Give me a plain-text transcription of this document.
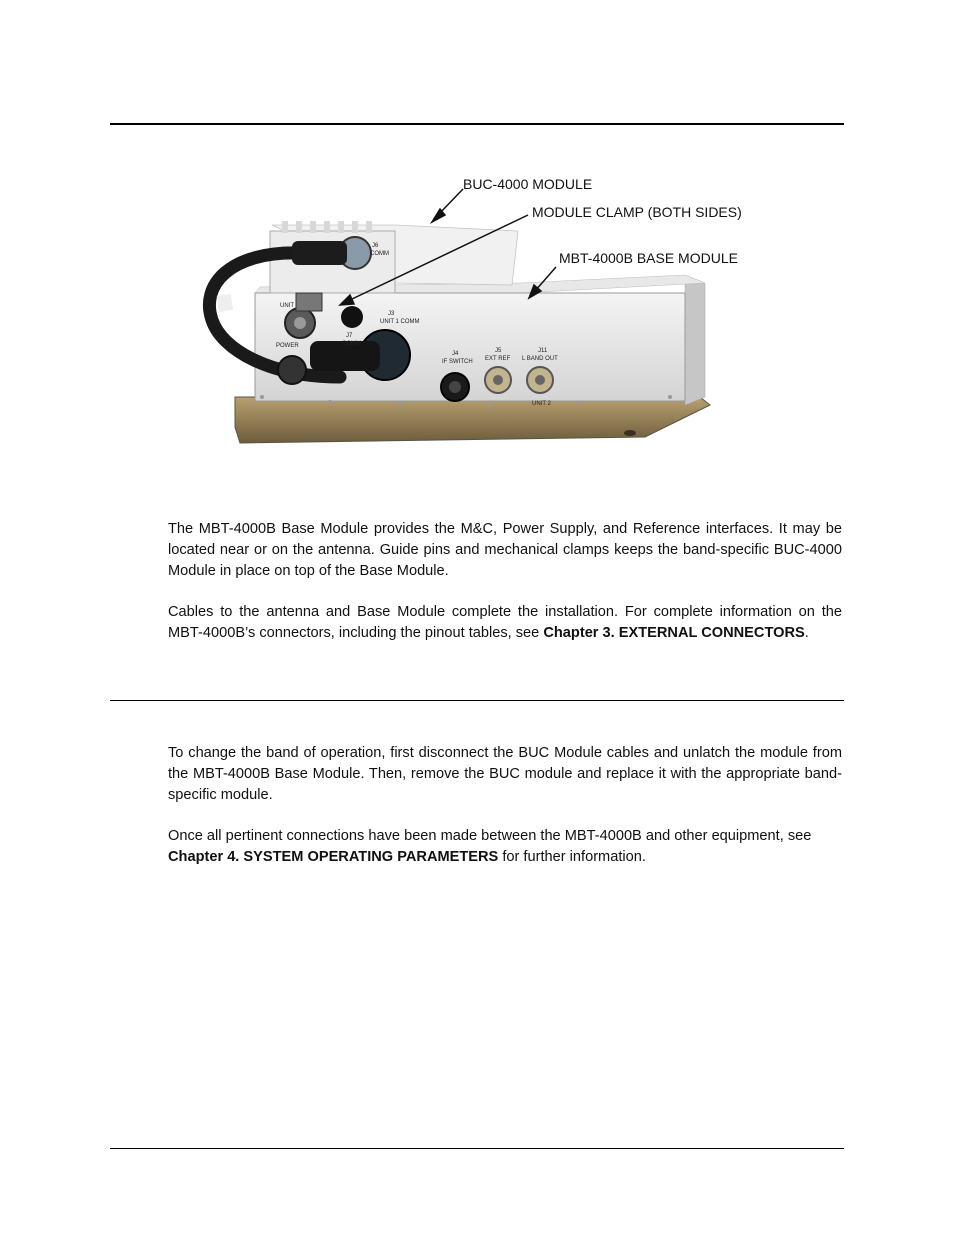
J6
COMM
UNIT
POWER
J3
UNIT 1 COMM
J7
COMM
J4
IF SWITCH
J5
EXT REF
J11
L BAND OUT
UNIT 2
BUC-4000 MODULE
MODULE CLAMP (BOTH SIDES)
MBT-4000B BASE MODULE
The MBT-4000B Base Module provides the M&C, Power Supply, and Reference interfaces. It may be located near or on the antenna. Guide pins and mechanical clamps keeps the band-specific BUC-4000 Module in place on top of the Base Module.
Cables to the antenna and Base Module complete the installation. For complete information on the MBT-4000B’s connectors, including the pinout tables, see Chapter 3. EXTERNAL CONNECTORS.
To change the band of operation, first disconnect the BUC Module cables and unlatch the module from the MBT-4000B Base Module. Then, remove the BUC module and replace it with the appropriate band-specific module.
Once all pertinent connections have been made between the MBT-4000B and other equipment, see Chapter 4. SYSTEM OPERATING PARAMETERS for further information.
